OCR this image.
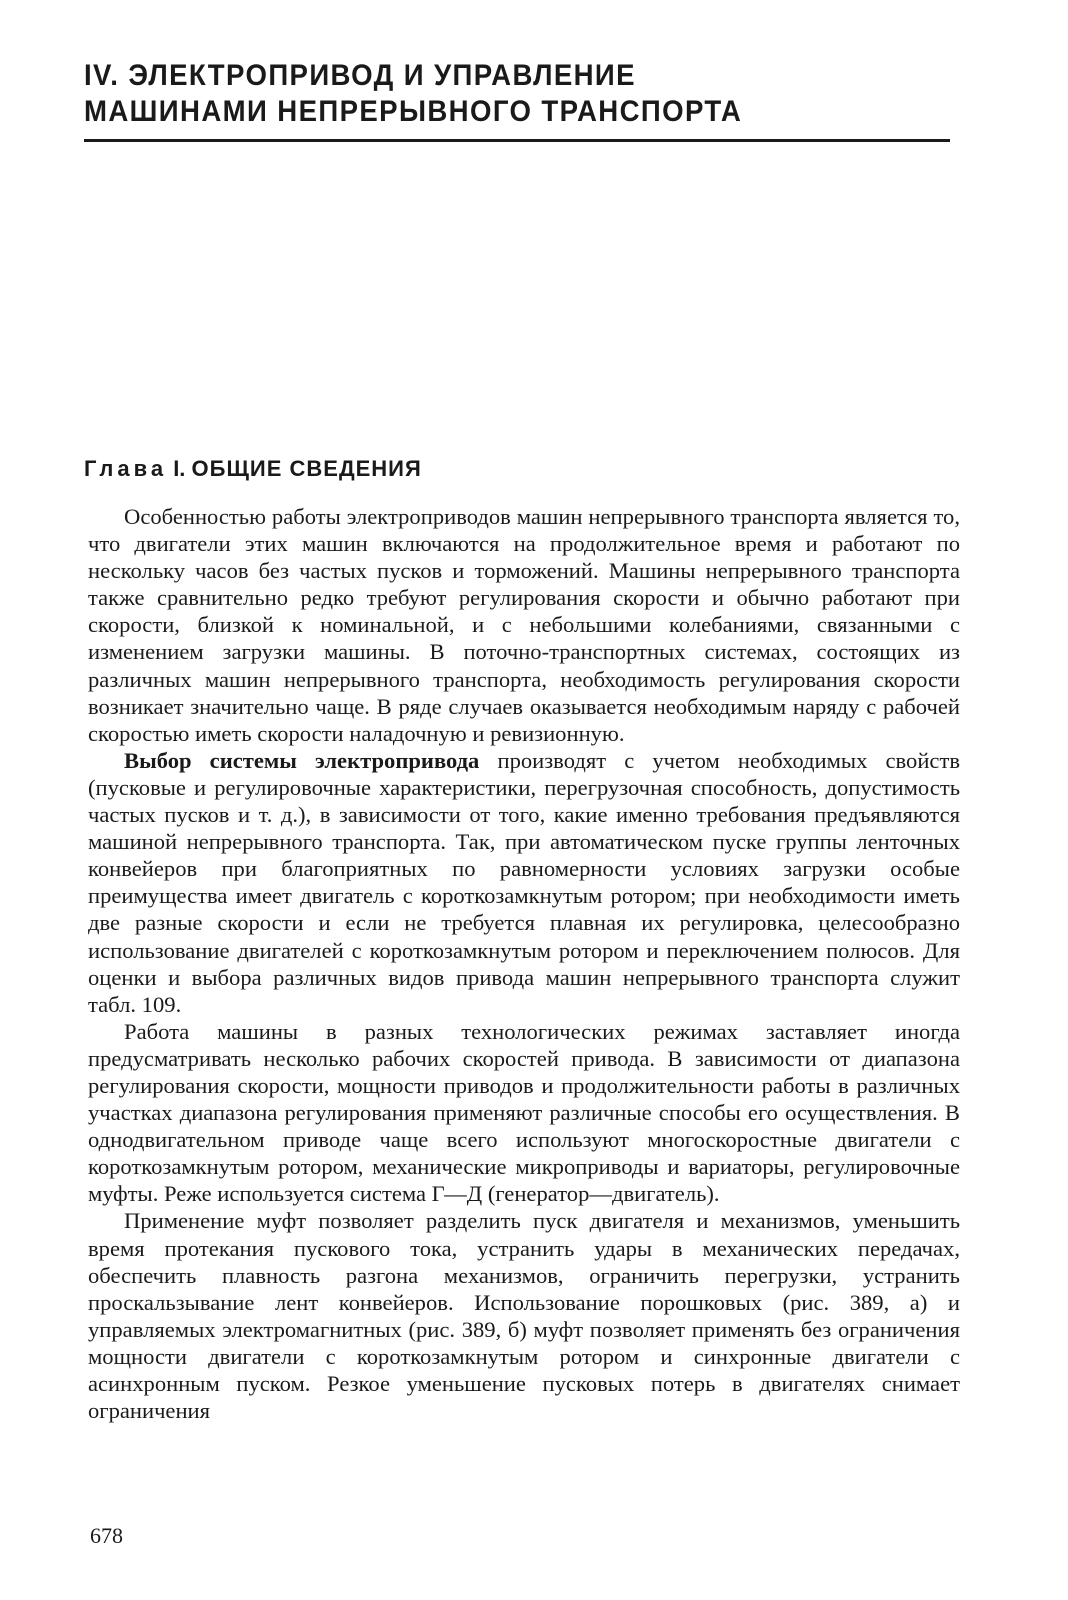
IV. ЭЛЕКТРОПРИВОД И УПРАВЛЕНИЕ
МАШИНАМИ НЕПРЕРЫВНОГО ТРАНСПОРТА
Глава I. ОБЩИЕ СВЕДЕНИЯ

Особенностью работы электроприводов машин непрерывного транспорта является то, что двигатели этих машин включаются на продолжительное время и работают по нескольку часов без частых пусков и торможений. Машины непрерывного транспорта также сравнительно редко требуют регулирования скорости и обычно работают при скорости, близкой к номинальной, и с небольшими колебаниями, связанными с изменением загрузки машины. В поточно-транспортных системах, состоящих из различных машин непрерывного транспорта, необходимость регулирования скорости возникает значительно чаще. В ряде случаев оказывается необходимым наряду с рабочей скоростью иметь скорости наладочную и ревизионную.

Выбор системы электропривода производят с учетом необходимых свойств (пусковые и регулировочные характеристики, перегрузочная способность, допустимость частых пусков и т. д.), в зависимости от того, какие именно требования предъявляются машиной непрерывного транспорта. Так, при автоматическом пуске группы ленточных конвейеров при благоприятных по равномерности условиях загрузки особые преимущества имеет двигатель с короткозамкнутым ротором; при необходимости иметь две разные скорости и если не требуется плавная их регулировка, целесообразно использование двигателей с короткозамкнутым ротором и переключением полюсов. Для оценки и выбора различных видов привода машин непрерывного транспорта служит табл. 109.

Работа машины в разных технологических режимах заставляет иногда предусматривать несколько рабочих скоростей привода. В зависимости от диапазона регулирования скорости, мощности приводов и продолжительности работы в различных участках диапазона регулирования применяют различные способы его осуществления. В однодвигательном приводе чаще всего используют многоскоростные двигатели с короткозамкнутым ротором, механические микроприводы и вариаторы, регулировочные муфты. Реже используется система Г—Д (генератор—двигатель).

Применение муфт позволяет разделить пуск двигателя и механизмов, уменьшить время протекания пускового тока, устранить удары в механических передачах, обеспечить плавность разгона механизмов, ограничить перегрузки, устранить проскальзывание лент конвейеров. Использование порошковых (рис. 389, а) и управляемых электромагнитных (рис. 389, б) муфт позволяет применять без ограничения мощности двигатели с короткозамкнутым ротором и синхронные двигатели с асинхронным пуском. Резкое уменьшение пусковых потерь в двигателях снимает ограничения

678
